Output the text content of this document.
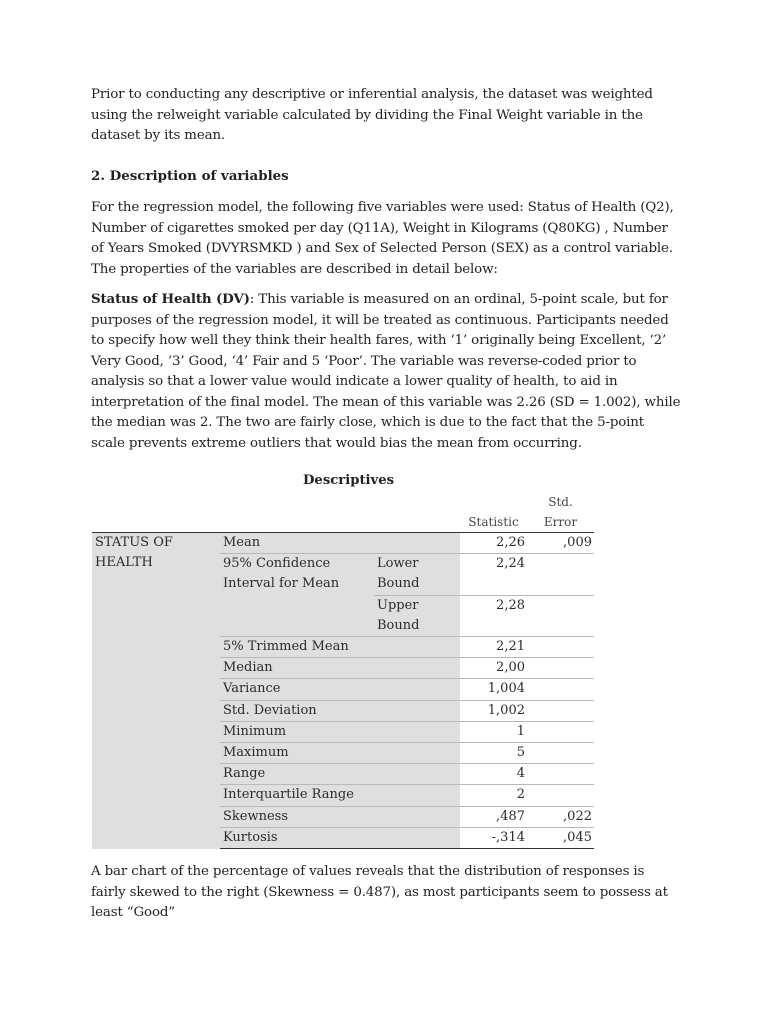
Prior to conducting any descriptive or inferential analysis, the dataset was weighted using the relweight variable calculated by dividing the Final Weight variable in the dataset by its mean.

2. Description of variables

For the regression model, the following five variables were used: Status of Health (Q2), Number of cigarettes smoked per day (Q11A), Weight in Kilograms (Q80KG) , Number of Years Smoked (DVYRSMKD ) and Sex of Selected Person (SEX) as a control variable. The properties of the variables are described in detail below:

Status of Health (DV): This variable is measured on an ordinal, 5-point scale, but for purposes of the regression model, it will be treated as continuous. Participants needed to specify how well they think their health fares, with ‘1’ originally being Excellent, ‘2’ Very Good, ‘3’ Good, ‘4’ Fair and 5 ‘Poor’. The variable was reverse-coded prior to analysis so that a lower value would indicate a lower quality of health, to aid in interpretation of the final model. The mean of this variable was 2.26 (SD = 1.002), while the median was 2. The two are fairly close, which is due to the fact that the 5-point scale prevents extreme outliers that would bias the mean from occurring.

Descriptives
			Statistic	Std. Error
STATUS OF HEALTH	Mean		2,26	,009
	95% Confidence Interval for Mean	Lower Bound	2,24	
		Upper Bound	2,28	
	5% Trimmed Mean		2,21	
	Median		2,00	
	Variance		1,004	
	Std. Deviation		1,002	
	Minimum		1	
	Maximum		5	
	Range		4	
	Interquartile Range		2	
	Skewness		,487	,022
	Kurtosis		-,314	,045

A bar chart of the percentage of values reveals that the distribution of responses is fairly skewed to the right (Skewness = 0.487), as most participants seem to possess at least “Good”
